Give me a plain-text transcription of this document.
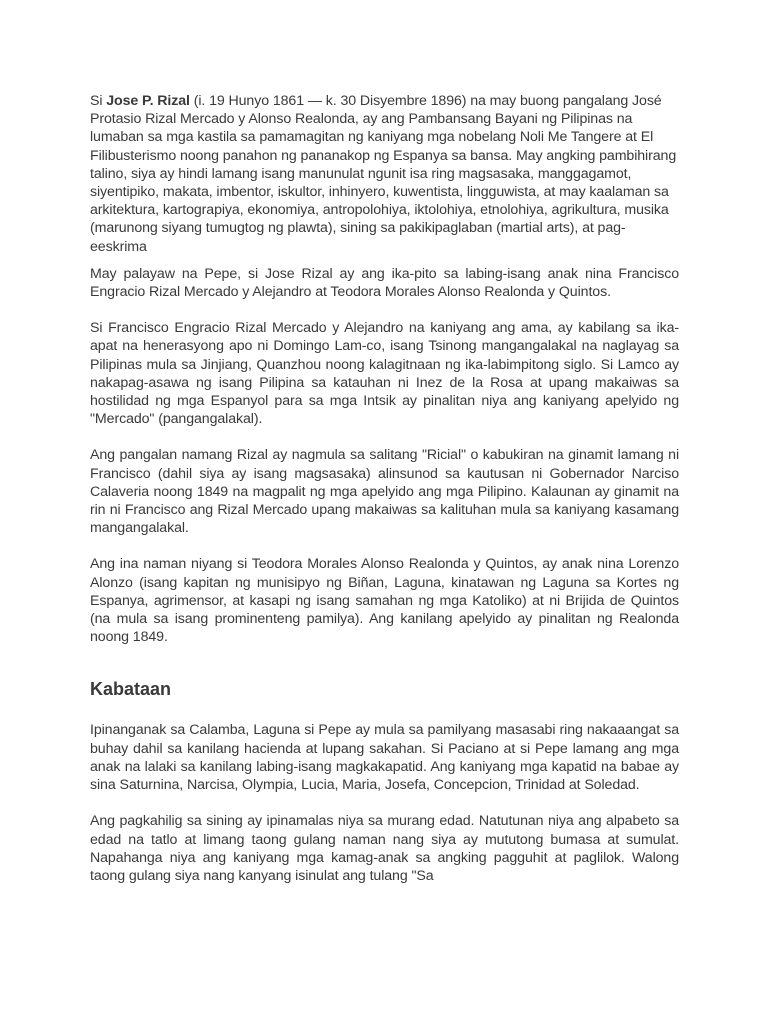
Si Jose P. Rizal (i. 19 Hunyo 1861 — k. 30 Disyembre 1896) na may buong pangalang José Protasio Rizal Mercado y Alonso Realonda, ay ang Pambansang Bayani ng Pilipinas na lumaban sa mga kastila sa pamamagitan ng kaniyang mga nobelang Noli Me Tangere at El Filibusterismo noong panahon ng pananakop ng Espanya sa bansa. May angking pambihirang talino, siya ay hindi lamang isang manunulat ngunit isa ring magsasaka, manggagamot, siyentipiko, makata, imbentor, iskultor, inhinyero, kuwentista, lingguwista, at may kaalaman sa arkitektura, kartograpiya, ekonomiya, antropolohiya, iktolohiya, etnolohiya, agrikultura, musika (marunong siyang tumugtog ng plawta), sining sa pakikipaglaban (martial arts), at pag-eeskrima

May palayaw na Pepe, si Jose Rizal ay ang ika-pito sa labing-isang anak nina Francisco Engracio Rizal Mercado y Alejandro at Teodora Morales Alonso Realonda y Quintos.

Si Francisco Engracio Rizal Mercado y Alejandro na kaniyang ang ama, ay kabilang sa ika-apat na henerasyong apo ni Domingo Lam-co, isang Tsinong mangangalakal na naglayag sa Pilipinas mula sa Jinjiang, Quanzhou noong kalagitnaan ng ika-labimpitong siglo. Si Lamco ay nakapag-asawa ng isang Pilipina sa katauhan ni Inez de la Rosa at upang makaiwas sa hostilidad ng mga Espanyol para sa mga Intsik ay pinalitan niya ang kaniyang apelyido ng "Mercado" (pangangalakal).

Ang pangalan namang Rizal ay nagmula sa salitang "Ricial" o kabukiran na ginamit lamang ni Francisco (dahil siya ay isang magsasaka) alinsunod sa kautusan ni Gobernador Narciso Calaveria noong 1849 na magpalit ng mga apelyido ang mga Pilipino. Kalaunan ay ginamit na rin ni Francisco ang Rizal Mercado upang makaiwas sa kalituhan mula sa kaniyang kasamang mangangalakal.

Ang ina naman niyang si Teodora Morales Alonso Realonda y Quintos, ay anak nina Lorenzo Alonzo (isang kapitan ng munisipyo ng Biñan, Laguna, kinatawan ng Laguna sa Kortes ng Espanya, agrimensor, at kasapi ng isang samahan ng mga Katoliko) at ni Brijida de Quintos (na mula sa isang prominenteng pamilya). Ang kanilang apelyido ay pinalitan ng Realonda noong 1849.

Kabataan

Ipinanganak sa Calamba, Laguna si Pepe ay mula sa pamilyang masasabi ring nakaaangat sa buhay dahil sa kanilang hacienda at lupang sakahan. Si Paciano at si Pepe lamang ang mga anak na lalaki sa kanilang labing-isang magkakapatid. Ang kaniyang mga kapatid na babae ay sina Saturnina, Narcisa, Olympia, Lucia, Maria, Josefa, Concepcion, Trinidad at Soledad.

Ang pagkahilig sa sining ay ipinamalas niya sa murang edad. Natutunan niya ang alpabeto sa edad na tatlo at limang taong gulang naman nang siya ay mututong bumasa at sumulat. Napahanga niya ang kaniyang mga kamag-anak sa angking pagguhit at paglilok. Walong taong gulang siya nang kanyang isinulat ang tulang "Sa
